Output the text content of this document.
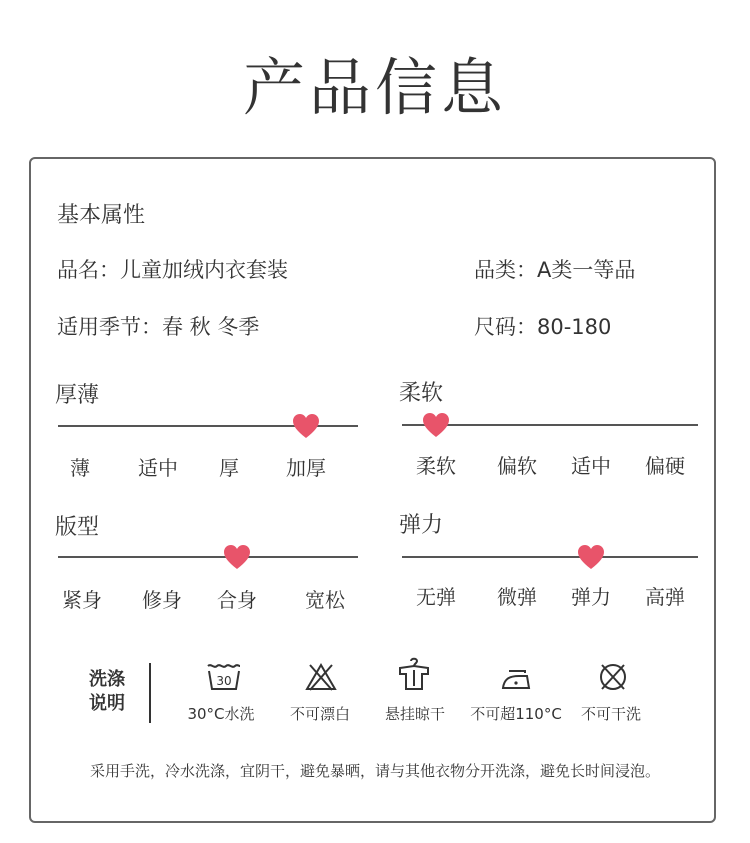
产品信息
基本属性
品名：儿童加绒内衣套装	品类：A类一等品
适用季节：春 秋 冬季	尺码：80-180
厚薄
薄 适中 厚 加厚
柔软
柔软 偏软 适中 偏硬
版型
紧身 修身 合身 宽松
弹力
无弹 微弹 弹力 高弹
洗涤
说明
30
30°C水洗 不可漂白 悬挂晾干 不可超110°C 不可干洗
采用手洗，冷水洗涤，宜阴干，避免暴晒，请与其他衣物分开洗涤，避免长时间浸泡。
